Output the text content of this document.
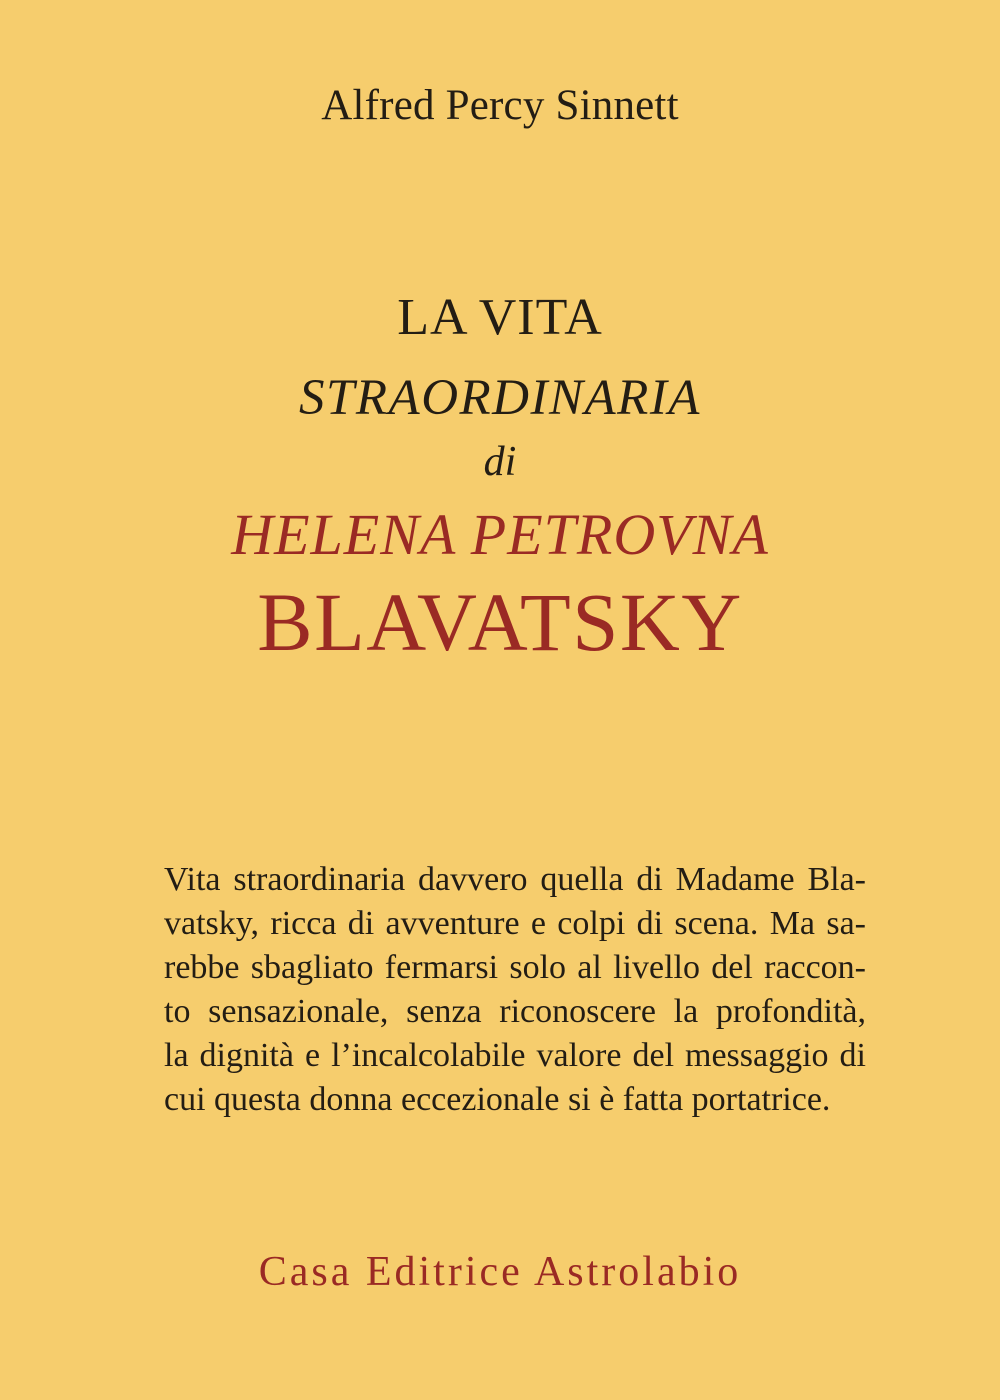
Alfred Percy Sinnett
LA VITA
STRAORDINARIA
di
HELENA PETROVNA
BLAVATSKY
Vita straordinaria davvero quella di Madame Bla-
vatsky, ricca di avventure e colpi di scena. Ma sa-
rebbe sbagliato fermarsi solo al livello del raccon-
to sensazionale, senza riconoscere la profondità,
la dignità e l’incalcolabile valore del messaggio di
cui questa donna eccezionale si è fatta portatrice.
Casa Editrice Astrolabio
